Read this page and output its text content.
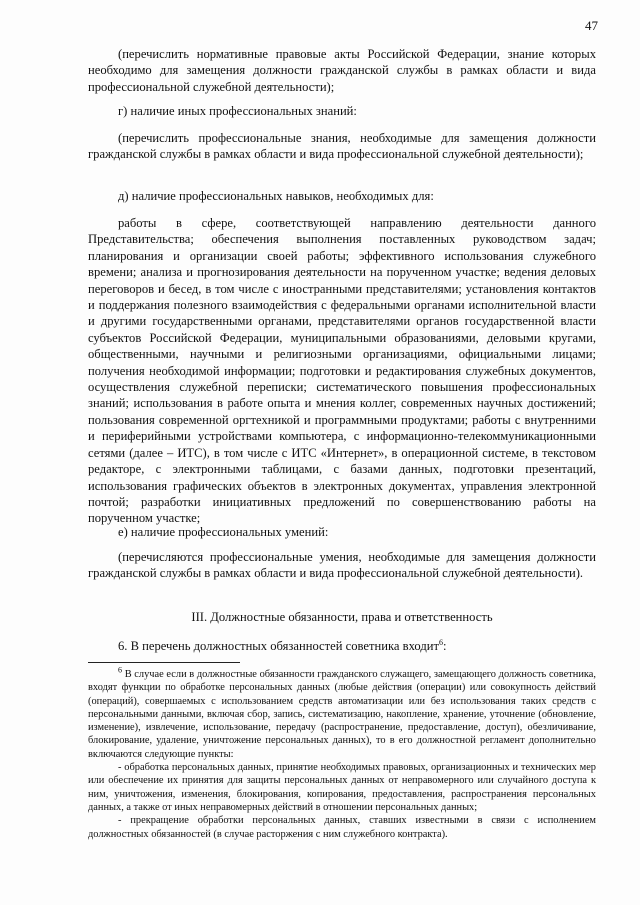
47

(перечислить нормативные правовые акты Российской Федерации, знание которых необходимо для замещения должности гражданской службы в рамках области и вида профессиональной служебной деятельности);

г) наличие иных профессиональных знаний:

(перечислить профессиональные знания, необходимые для замещения должности гражданской службы в рамках области и вида профессиональной служебной деятельности);

д) наличие профессиональных навыков, необходимых для:

работы в сфере, соответствующей направлению деятельности данного Представительства; обеспечения выполнения поставленных руководством задач; планирования и организации своей работы; эффективного использования служебного времени; анализа и прогнозирования деятельности на порученном участке; ведения деловых переговоров и бесед, в том числе с иностранными представителями; установления контактов и поддержания полезного взаимодействия с федеральными органами исполнительной власти и другими государственными органами, представителями органов государственной власти субъектов Российской Федерации, муниципальными образованиями, деловыми кругами, общественными, научными и религиозными организациями, официальными лицами; получения необходимой информации; подготовки и редактирования служебных документов, осуществления служебной переписки; систематического повышения профессиональных знаний; использования в работе опыта и мнения коллег, современных научных достижений; пользования современной оргтехникой и программными продуктами; работы с внутренними и периферийными устройствами компьютера, с информационно-телекоммуникационными сетями (далее – ИТС), в том числе с ИТС «Интернет», в операционной системе, в текстовом редакторе, с электронными таблицами, с базами данных, подготовки презентаций, использования графических объектов в электронных документах, управления электронной почтой; разработки инициативных предложений по совершенствованию работы на порученном участке;

е) наличие профессиональных умений:

(перечисляются профессиональные умения, необходимые для замещения должности гражданской службы в рамках области и вида профессиональной служебной деятельности).

III. Должностные обязанности, права и ответственность

6. В перечень должностных обязанностей советника входит$^6$:

$^6$ В случае если в должностные обязанности гражданского служащего, замещающего должность советника, входят функции по обработке персональных данных (любые действия (операции) или совокупность действий (операций), совершаемых с использованием средств автоматизации или без использования таких средств с персональными данными, включая сбор, запись, систематизацию, накопление, хранение, уточнение (обновление, изменение), извлечение, использование, передачу (распространение, предоставление, доступ), обезличивание, блокирование, удаление, уничтожение персональных данных), то в его должностной регламент дополнительно включаются следующие пункты:

- обработка персональных данных, принятие необходимых правовых, организационных и технических мер или обеспечение их принятия для защиты персональных данных от неправомерного или случайного доступа к ним, уничтожения, изменения, блокирования, копирования, предоставления, распространения персональных данных, а также от иных неправомерных действий в отношении персональных данных;

- прекращение обработки персональных данных, ставших известными в связи с исполнением должностных обязанностей (в случае расторжения с ним служебного контракта).
